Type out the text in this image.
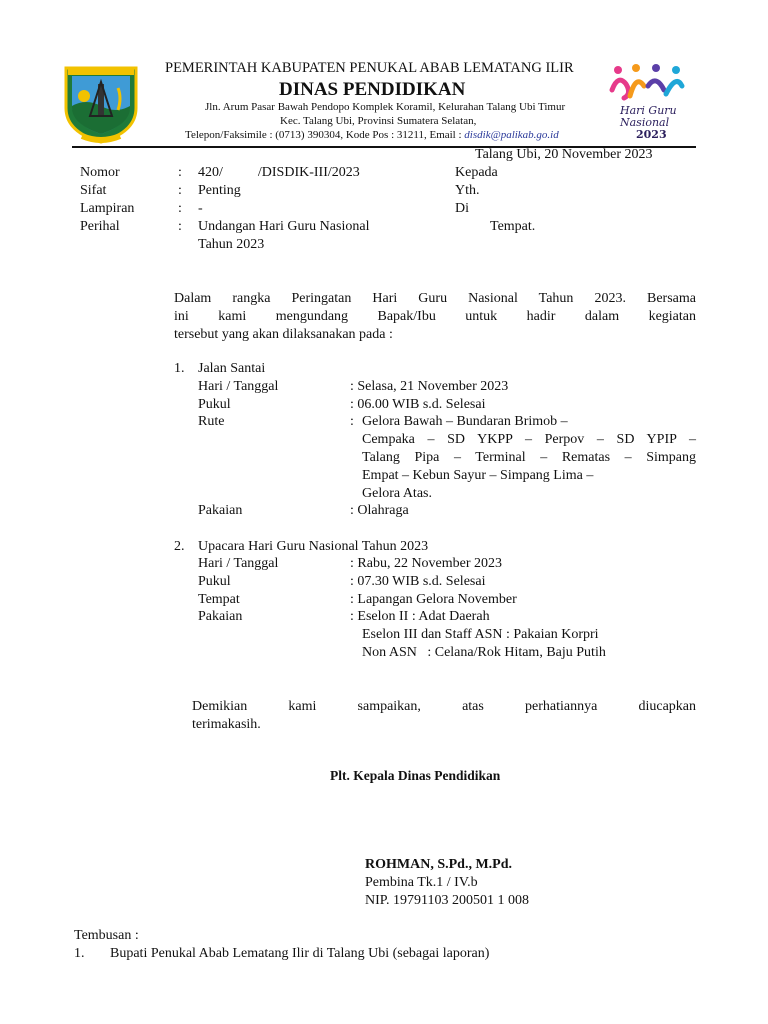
PEMERINTAH KABUPATEN PENUKAL ABAB LEMATANG ILIR
DINAS PENDIDIKAN
Jln. Arum Pasar Bawah Pendopo Komplek Koramil, Kelurahan Talang Ubi Timur
Kec. Talang Ubi, Provinsi Sumatera Selatan,
Telepon/Faksimile : (0713) 390304, Kode Pos : 31211, Email : disdik@palikab.go.id
Hari Guru
Nasional
2023
Talang Ubi, 20 November 2023
Nomor	: 420/          /DISDIK-III/2023
Sifat	: Penting
Lampiran	: -
Perihal	: Undangan Hari Guru Nasional
Tahun 2023
Kepada
Yth.
Di
Tempat.
Dalam rangka Peringatan Hari Guru Nasional Tahun 2023. Bersama
ini kami mengundang Bapak/Ibu untuk hadir dalam kegiatan
tersebut yang akan dilaksanakan pada :
1. Jalan Santai
Hari / Tanggal	: Selasa, 21 November 2023
Pukul	: 06.00 WIB s.d. Selesai
Rute	: Gelora Bawah – Bundaran Brimob –
Cempaka – SD YKPP – Perpov – SD YPIP –
Talang Pipa – Terminal – Rematas – Simpang
Empat – Kebun Sayur – Simpang Lima –
Gelora Atas.
Pakaian	: Olahraga
2. Upacara Hari Guru Nasional Tahun 2023
Hari / Tanggal	: Rabu, 22 November 2023
Pukul	: 07.30 WIB s.d. Selesai
Tempat	: Lapangan Gelora November
Pakaian	: Eselon II : Adat Daerah
Eselon III dan Staff ASN : Pakaian Korpri
Non ASN   : Celana/Rok Hitam, Baju Putih
Demikian kami sampaikan, atas perhatiannya diucapkan
terimakasih.
Plt. Kepala Dinas Pendidikan
ROHMAN, S.Pd., M.Pd.
Pembina Tk.1 / IV.b
NIP. 19791103 200501 1 008
Tembusan :
1. Bupati Penukal Abab Lematang Ilir di Talang Ubi (sebagai laporan)
